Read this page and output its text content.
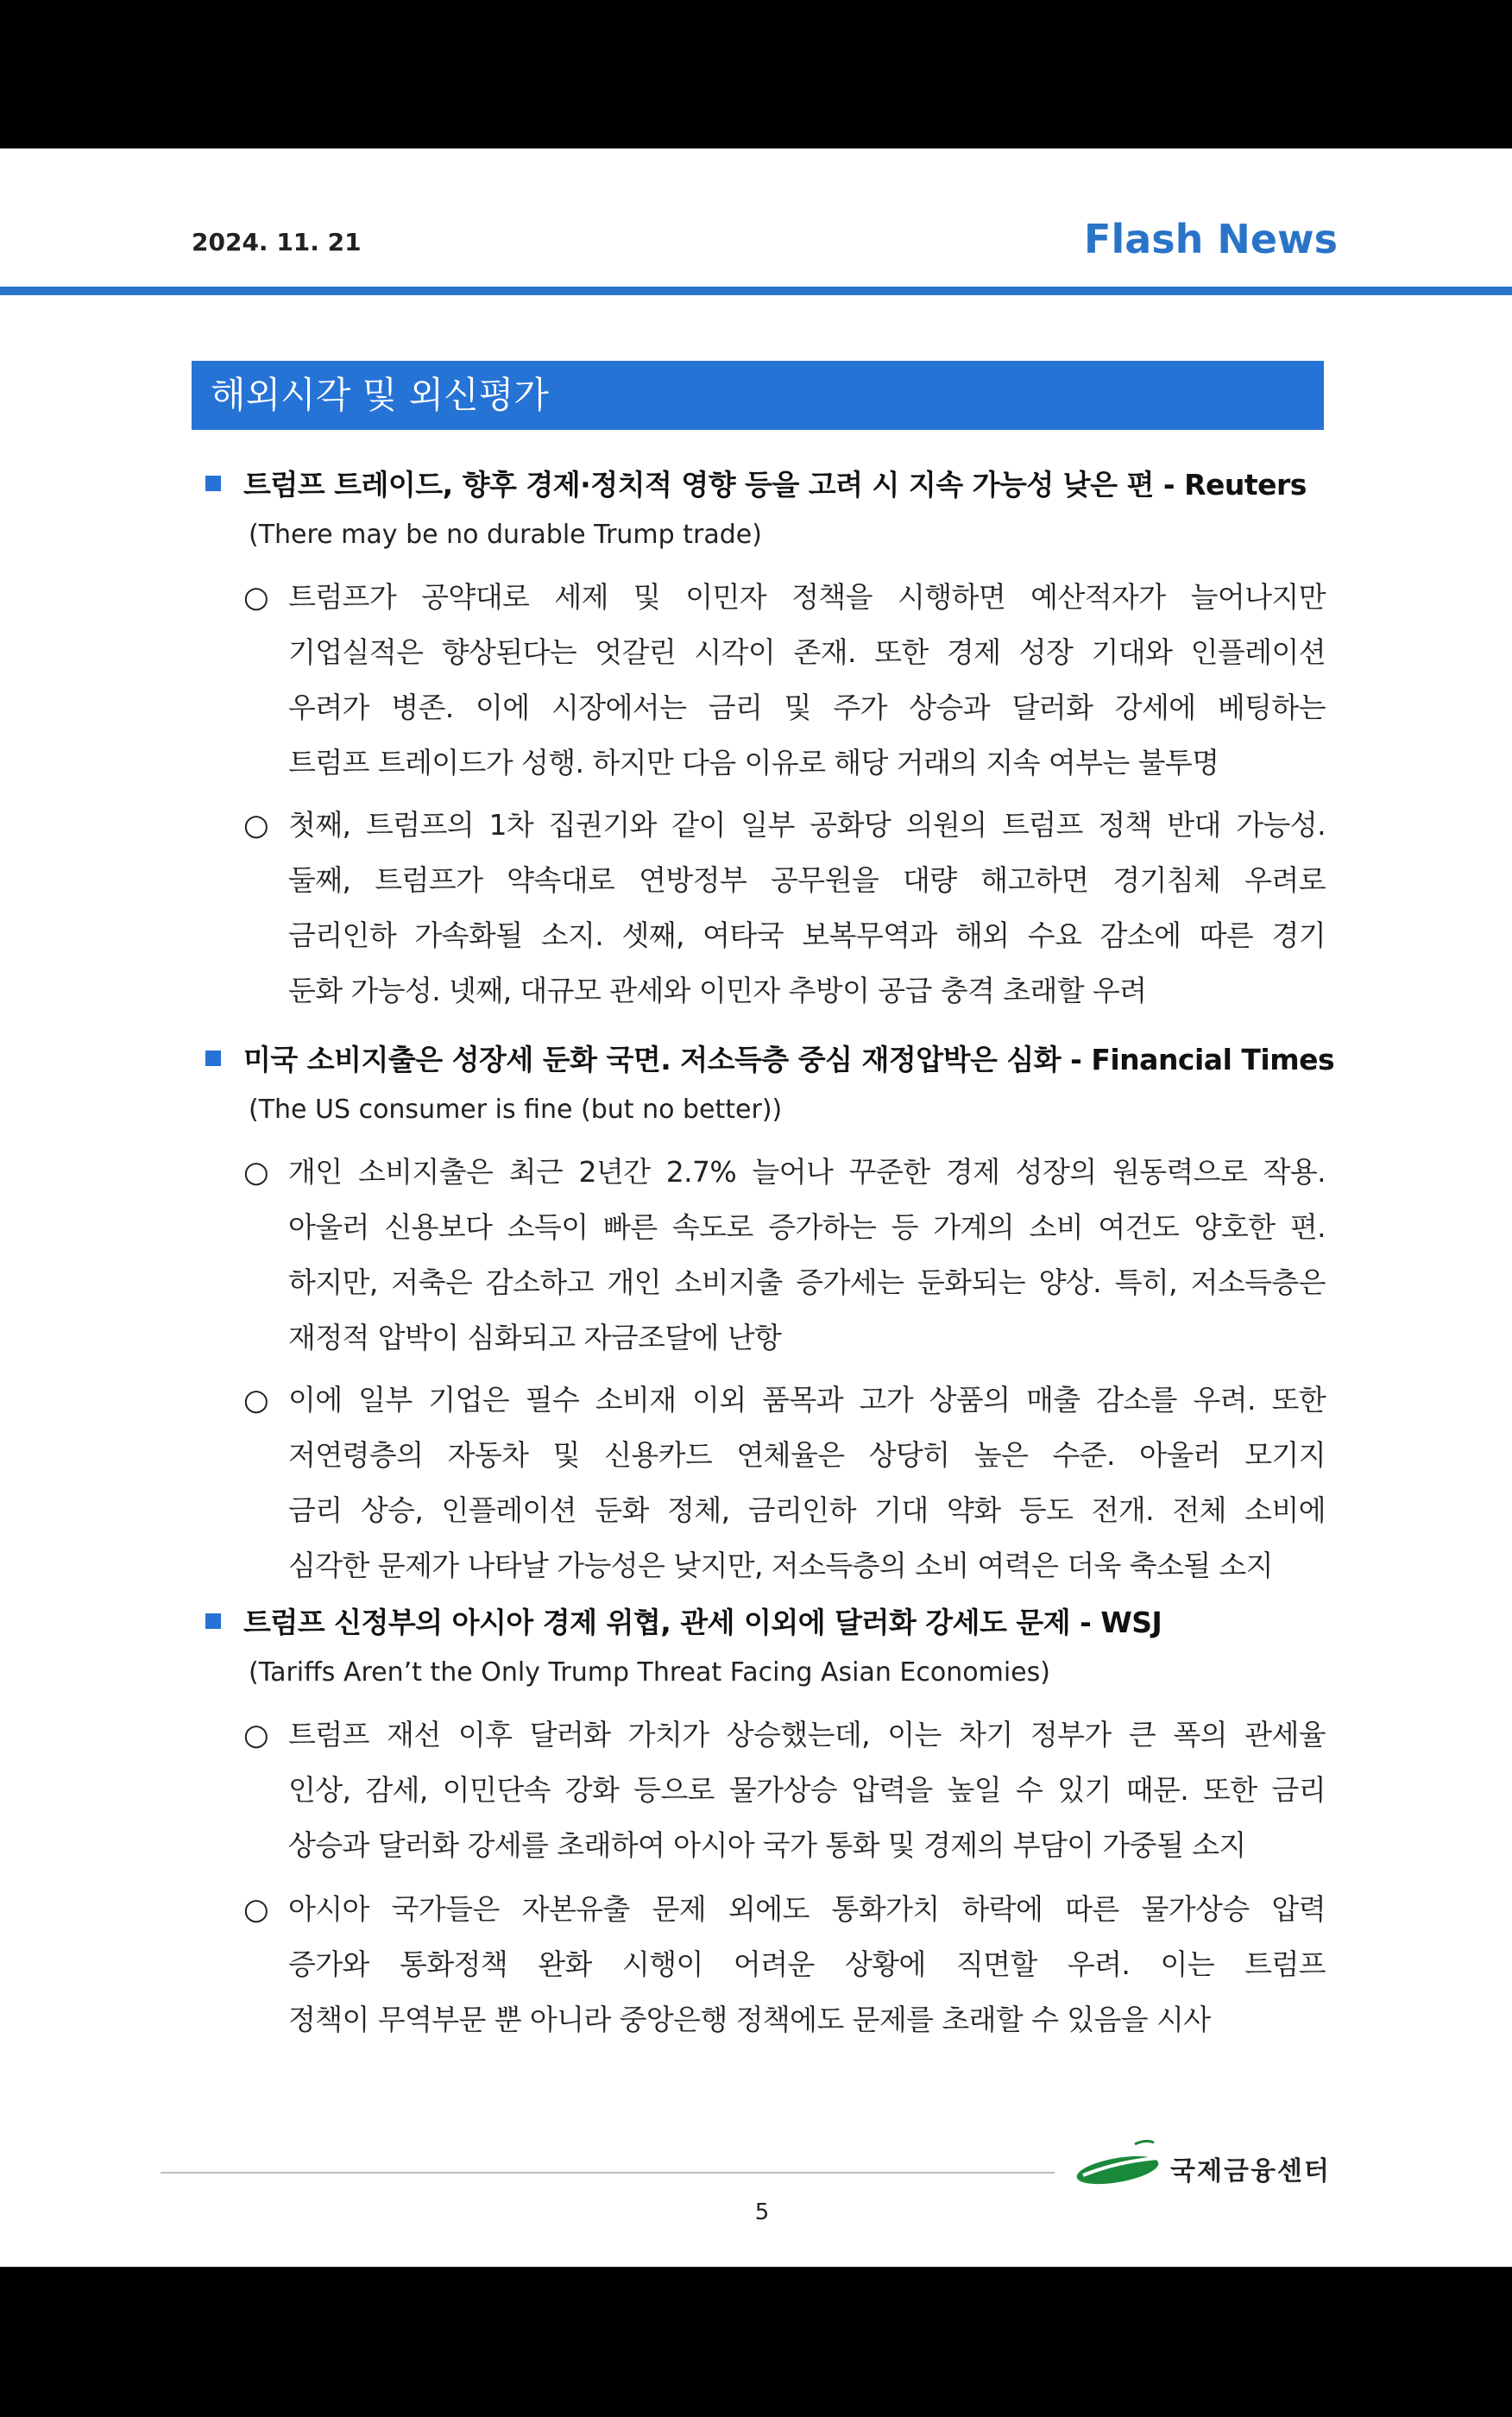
2024. 11. 21	Flash News
해외시각 및 외신평가
트럼프 트레이드, 향후 경제·정치적 영향 등을 고려 시 지속 가능성 낮은 편 - Reuters
(There may be no durable Trump trade)
○ 트럼프가 공약대로 세제 및 이민자 정책을 시행하면 예산적자가 늘어나지만
기업실적은 향상된다는 엇갈린 시각이 존재. 또한 경제 성장 기대와 인플레이션
우려가 병존. 이에 시장에서는 금리 및 주가 상승과 달러화 강세에 베팅하는
트럼프 트레이드가 성행. 하지만 다음 이유로 해당 거래의 지속 여부는 불투명
○ 첫째, 트럼프의 1차 집권기와 같이 일부 공화당 의원의 트럼프 정책 반대 가능성.
둘째, 트럼프가 약속대로 연방정부 공무원을 대량 해고하면 경기침체 우려로
금리인하 가속화될 소지. 셋째, 여타국 보복무역과 해외 수요 감소에 따른 경기
둔화 가능성. 넷째, 대규모 관세와 이민자 추방이 공급 충격 초래할 우려
미국 소비지출은 성장세 둔화 국면. 저소득층 중심 재정압박은 심화 - Financial Times
(The US consumer is fine (but no better))
○ 개인 소비지출은 최근 2년간 2.7% 늘어나 꾸준한 경제 성장의 원동력으로 작용.
아울러 신용보다 소득이 빠른 속도로 증가하는 등 가계의 소비 여건도 양호한 편.
하지만, 저축은 감소하고 개인 소비지출 증가세는 둔화되는 양상. 특히, 저소득층은
재정적 압박이 심화되고 자금조달에 난항
○ 이에 일부 기업은 필수 소비재 이외 품목과 고가 상품의 매출 감소를 우려. 또한
저연령층의 자동차 및 신용카드 연체율은 상당히 높은 수준. 아울러 모기지
금리 상승, 인플레이션 둔화 정체, 금리인하 기대 약화 등도 전개. 전체 소비에
심각한 문제가 나타날 가능성은 낮지만, 저소득층의 소비 여력은 더욱 축소될 소지
트럼프 신정부의 아시아 경제 위협, 관세 이외에 달러화 강세도 문제 - WSJ
(Tariffs Aren’t the Only Trump Threat Facing Asian Economies)
○ 트럼프 재선 이후 달러화 가치가 상승했는데, 이는 차기 정부가 큰 폭의 관세율
인상, 감세, 이민단속 강화 등으로 물가상승 압력을 높일 수 있기 때문. 또한 금리
상승과 달러화 강세를 초래하여 아시아 국가 통화 및 경제의 부담이 가중될 소지
○ 아시아 국가들은 자본유출 문제 외에도 통화가치 하락에 따른 물가상승 압력
증가와 통화정책 완화 시행이 어려운 상황에 직면할 우려. 이는 트럼프
정책이 무역부문 뿐 아니라 중앙은행 정책에도 문제를 초래할 수 있음을 시사
국제금융센터
5
